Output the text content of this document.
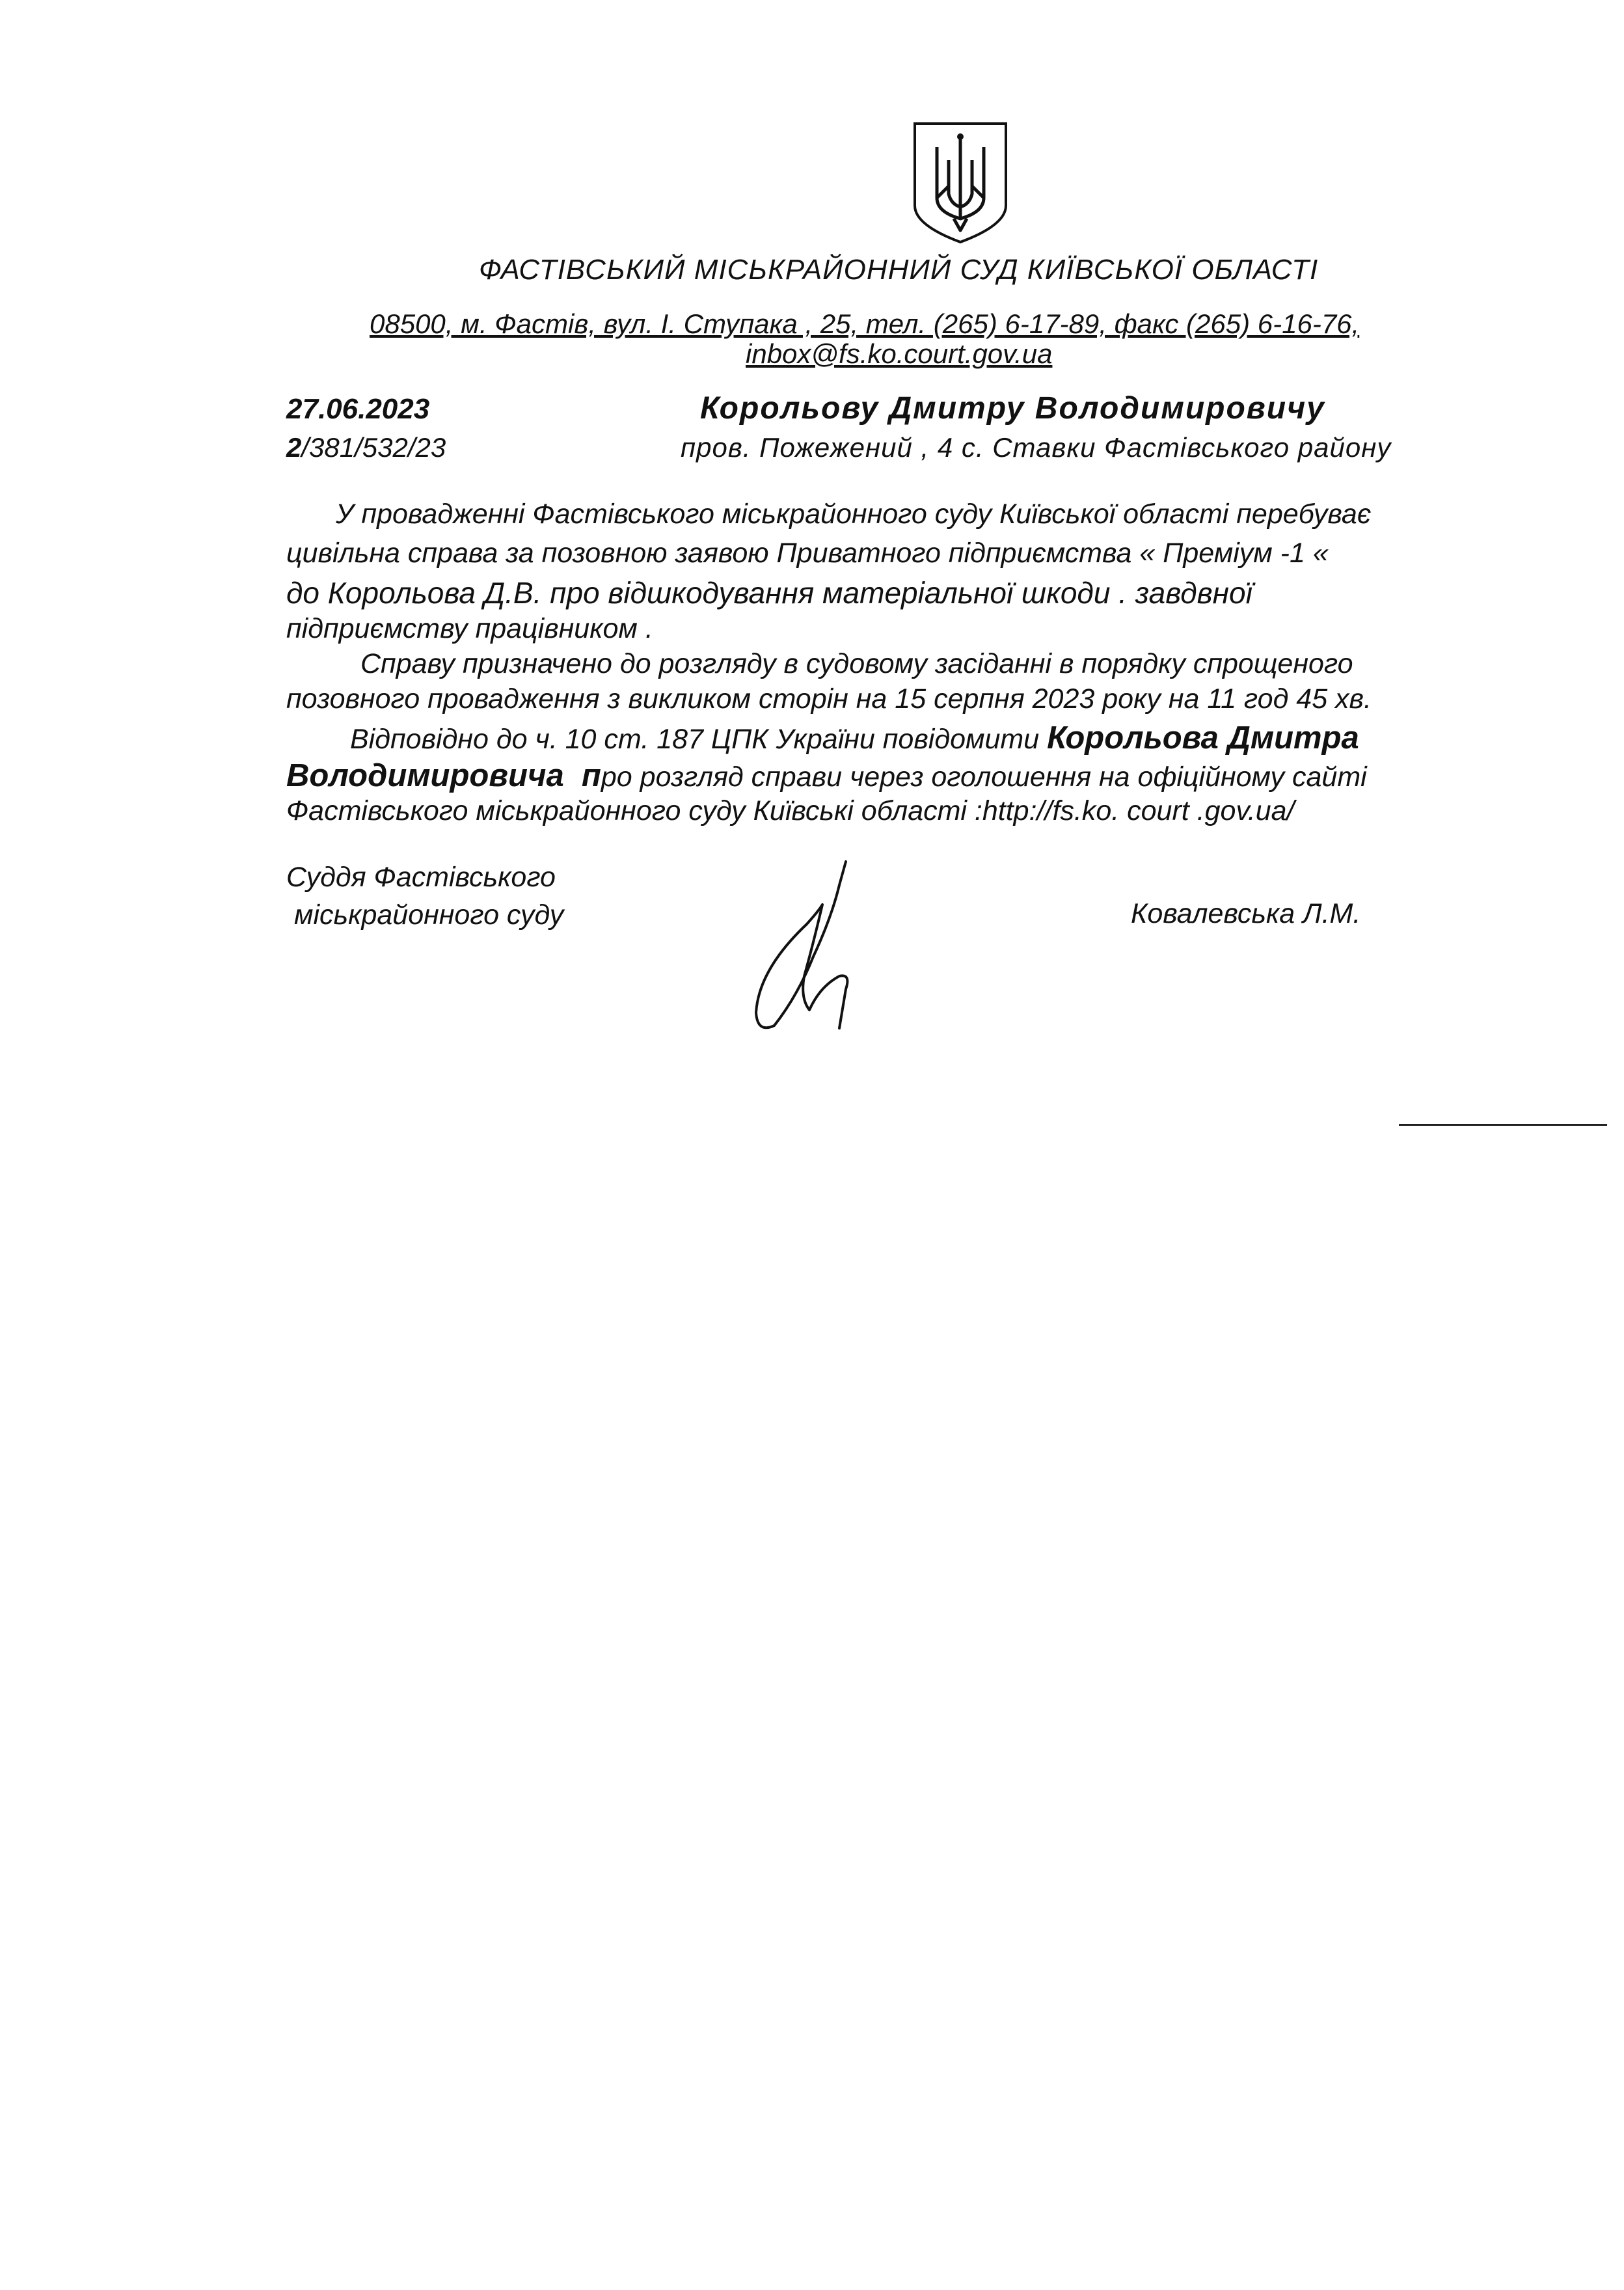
ФАСТІВСЬКИЙ МІСЬКРАЙОННИЙ СУД КИЇВСЬКОЇ ОБЛАСТІ
08500, м. Фастів, вул. І. Ступака , 25, тел. (265) 6-17-89, факс (265) 6-16-76,
inbox@fs.ko.court.gov.ua
27.06.2023
2/381/532/23
Корольову Дмитру Володимировичу
пров. Пожежений , 4 с. Ставки Фастівського району
У провадженні Фастівського міськрайонного суду Київської області перебуває
цивільна справа за позовною заявою Приватного підприємства « Преміум -1 «
до Корольова Д.В. про відшкодування матеріальної шкоди . завдвної
підприємству працівником .
Справу призначено до розгляду в судовому засіданні в порядку спрощеного
позовного провадження з викликом сторін на 15 серпня 2023 року на 11 год 45 хв.
Відповідно до ч. 10 ст. 187 ЦПК України повідомити Корольова Дмитра
Володимировича  про розгляд справи через оголошення на офіційному сайті
Фастівського міськрайонного суду Київські області :http://fs.ko. court .gov.ua/
Суддя Фастівського
міськрайонного суду	Ковалевська Л.М.
